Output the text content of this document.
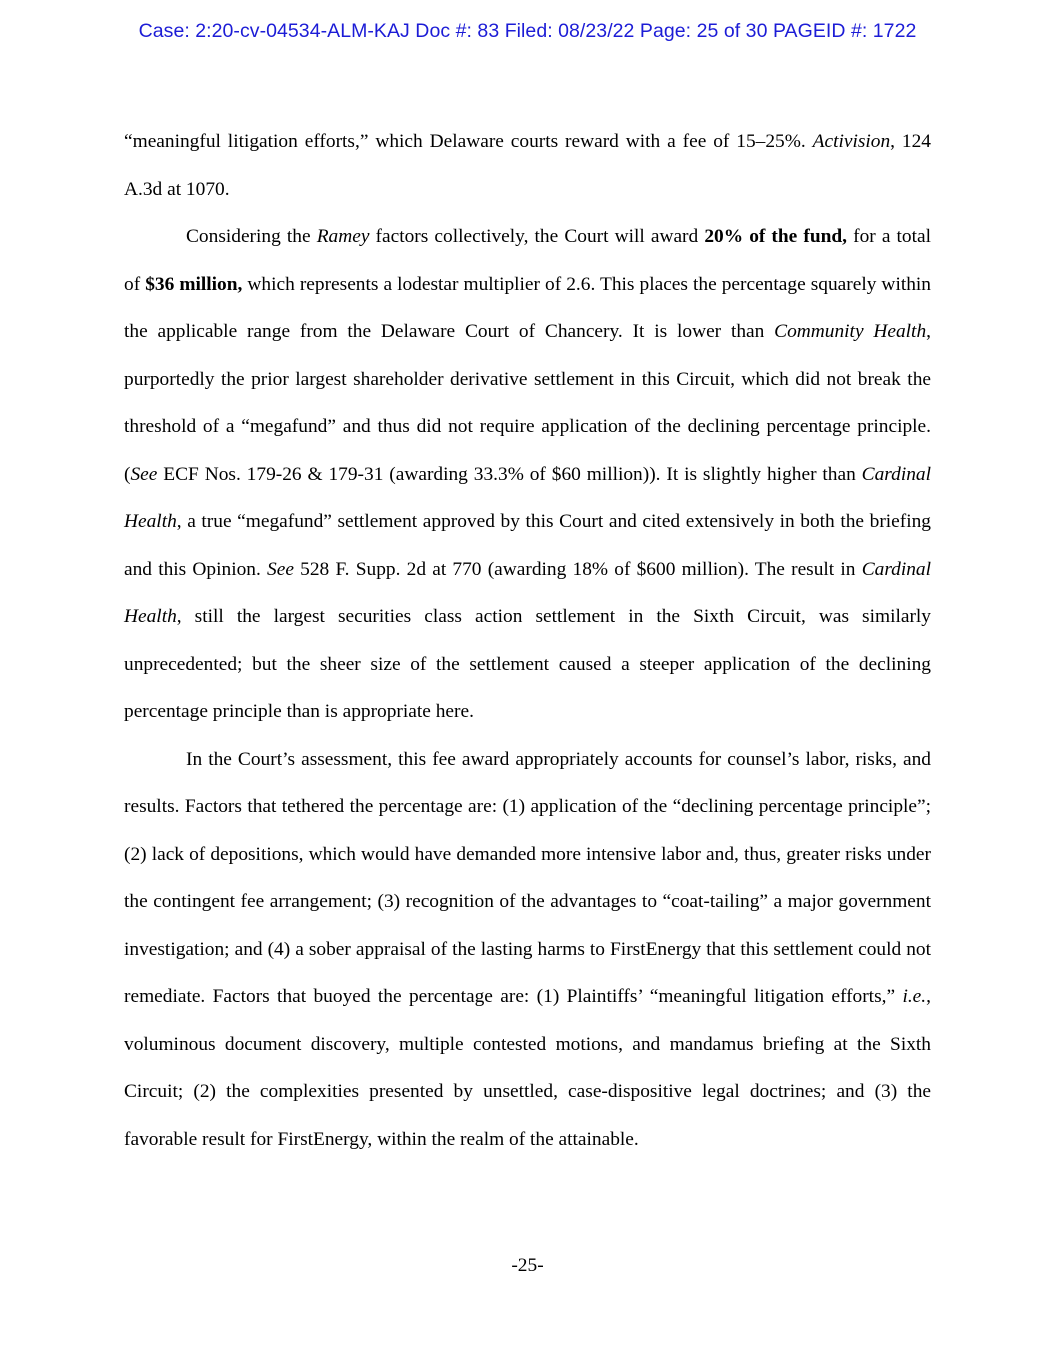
Case: 2:20-cv-04534-ALM-KAJ Doc #: 83 Filed: 08/23/22 Page: 25 of 30 PAGEID #: 1722

“meaningful litigation efforts,” which Delaware courts reward with a fee of 15–25%. Activision, 124 A.3d at 1070.

Considering the Ramey factors collectively, the Court will award 20% of the fund, for a total of $36 million, which represents a lodestar multiplier of 2.6. This places the percentage squarely within the applicable range from the Delaware Court of Chancery. It is lower than Community Health, purportedly the prior largest shareholder derivative settlement in this Circuit, which did not break the threshold of a “megafund” and thus did not require application of the declining percentage principle. (See ECF Nos. 179-26 & 179-31 (awarding 33.3% of $60 million)). It is slightly higher than Cardinal Health, a true “megafund” settlement approved by this Court and cited extensively in both the briefing and this Opinion. See 528 F. Supp. 2d at 770 (awarding 18% of $600 million). The result in Cardinal Health, still the largest securities class action settlement in the Sixth Circuit, was similarly unprecedented; but the sheer size of the settlement caused a steeper application of the declining percentage principle than is appropriate here.

In the Court’s assessment, this fee award appropriately accounts for counsel’s labor, risks, and results. Factors that tethered the percentage are: (1) application of the “declining percentage principle”; (2) lack of depositions, which would have demanded more intensive labor and, thus, greater risks under the contingent fee arrangement; (3) recognition of the advantages to “coat-tailing” a major government investigation; and (4) a sober appraisal of the lasting harms to FirstEnergy that this settlement could not remediate. Factors that buoyed the percentage are: (1) Plaintiffs’ “meaningful litigation efforts,” i.e., voluminous document discovery, multiple contested motions, and mandamus briefing at the Sixth Circuit; (2) the complexities presented by unsettled, case-dispositive legal doctrines; and (3) the favorable result for FirstEnergy, within the realm of the attainable.

-25-
